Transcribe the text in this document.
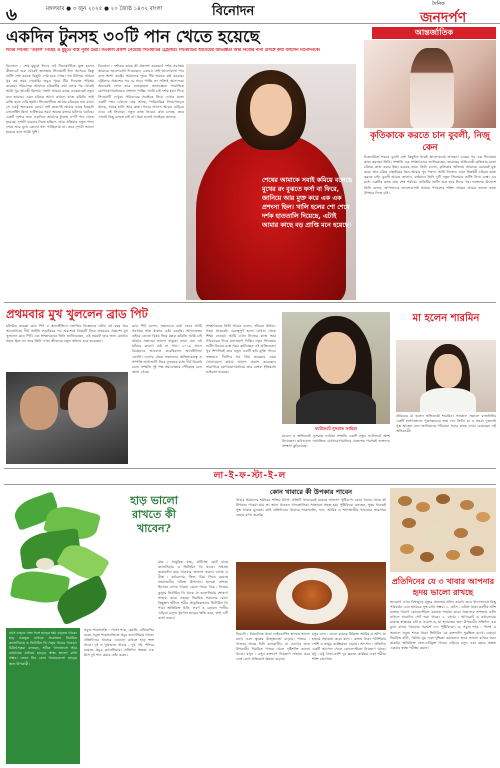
৬	মঙ্গলবার ● ৩ জুন ২০২৫ ● ২০ জ্যৈষ্ঠ ১৪৩২ বাংলা	বিনোদন	দৈনিক
জনদর্পণ
একদিন টুনসহ ৩০টি পান খেতে হয়েছে
ঈদের সিনেমা 'উড়াল' নিয়েই এ মুহূর্তে ব্যস্ত পূজা চেরী। গতকাল প্রকাশ পেয়েছে সিনেমাটির ট্রেইলার। সিনেমাটির শুটিংয়ের অভিজ্ঞতা আর নিজের নানা প্রসঙ্গে কথা বললেন বিনোদনকে।
বিনোদন : শেষ মুহূর্তে ঈদের এই সিনেমাটিতে যুক্ত হলেন কীভাবে? শুরু থেকেই জানতাম সিনেমাটি ঈদে আসবে। কিন্তু শুটিং শেষ করতে কিছুটা দেরি হয়ে গেছে। সব মিলিয়ে আমরা খুব কম সময় পেয়েছি। তবুও পুরো টিম দিনরাত পরিশ্রম করেছে। পরিচালক আমাকে চরিত্রটির কথা বলার পর থেকেই আমি খুব আগ্রহী ছিলাম। গল্পটা আমার কাছে একেবারেই নতুন মনে হয়েছে। এমন চরিত্রে আগে কখনো কাজ করিনি। তাই রাজি হতে দেরি হয়নি। সিনেমাটিতে আমার চরিত্রের নাম মায়া। সে একটু অন্যরকম মেয়ে। সেই কারণেই আমার কাছে বিষয়টা চ্যালেঞ্জিং ছিল। শুটিংয়ের সময় অনেক মজার ঘটনাও ঘটেছে। একটি দৃশ্যের জন্য একদিনে আমাকে টুনসহ ৩০টি পান খেতে হয়েছে। দৃশ্যটা বারবার নিতে হচ্ছিল, আর প্রতিবার নতুন পান। শেষে আর মুখে কোনো স্বাদ পাচ্ছিলাম না। তবে দৃশ্যটা ভালো হয়েছে বলে আমি খুশি।
বিনোদন : দর্শকের কাছে কী প্রত্যাশা করছেন? দর্শক সবসময় আমাকে ভালোবাসা দিয়েছেন। এবারও সেই ভালোবাসা পাব বলে আশা করছি। আমাদের পুরো টিম অনেক কষ্ট করেছে। ট্রেইলার প্রকাশের পর যে সাড়া পাচ্ছি তা সত্যিই আনন্দের। অনেকেই ফোন করে শুভকামনা জানাচ্ছেন। সামাজিক যোগাযোগমাধ্যমেও প্রশংসা পাচ্ছি। আমি চাই দর্শক হলে গিয়ে সিনেমাটি দেখুক। পরিবারের সবাইকে নিয়ে দেখার মতো একটি গল্প। এখানে প্রেম আছে, পারিবারিক টানাপোড়েন আছে, আছে হাসি আর কান্না। ঈদের আনন্দ আরও বাড়িয়ে দেবে এই সিনেমা। নতুন কাজ নিয়েও কথা চলছে, তবে এখনই কিছু বলতে চাই না। সময় হলেই সবাইকে জানাব।
শেষের আমাকে সবাই কমিয়ে বলেছে মুখের রং বুঝতে ফর্সা বা ফিরে, জানিয়ে আর মুক্ত করে এক এক প্রশংসা ছিল। খালি হলের শো শেষে দর্শক হাততালি দিয়েছে, এটাই আমার কাছে বড় প্রাপ্তি মনে হয়েছে।
আন্তর্জাতিক
কৃতিকাকে করতে চান বুবলী, নিজু কেন
চিত্রনায়িকা শবনম বুবলী বেশ কিছুদিন ধরেই আলোচনায় আছেন। একের পর এক সিনেমায় কাজ করছেন তিনি। সম্প্রতি এক সাক্ষাৎকারে জানিয়েছেন, ভারতের অভিনেত্রী কৃতিকার মতো চরিত্রে কাজ করার ইচ্ছা রয়েছে তার। তিনি বলেন, কৃতিকার অভিনয় আমাকে বরাবরই মুগ্ধ করে। তার চরিত্র বাছাইয়ের ধরন আমার খুব পছন্দ। আমি নিজেও এমন ভিন্নধর্মী চরিত্রে কাজ করতে চাই। বুবলী আরও জানান, বর্তমানে তিনি দুটি নতুন সিনেমার শুটিং নিয়ে ব্যস্ত। এর মধ্যে একটির কাজ প্রায় শেষ পর্যায়ে। বাকিটির শুটিং শুরু হবে ঈদের পর। ভক্তদের উদ্দেশে তিনি বলেন, আপনাদের ভালোবাসাই আমার পথচলার শক্তি। সামনে আরও ভালো কাজ উপহার দিতে চাই।
প্রথমবার মুখ খুললেন ব্রাড পিট
হলিউড তারকা ব্রাড পিট ও অ্যাঞ্জেলিনা জোলির বিচ্ছেদের ঘটনা বহু বছর ধরে আলোচিত। দীর্ঘ আইনি লড়াইয়ের পর অবশেষে বিষয়টি নিয়ে প্রথমবার প্রকাশ্যে মুখ খুললেন ব্রাড পিট। এক সাক্ষাৎকারে তিনি জানিয়েছেন, এই সময়টা তার জন্য মোটেও সহজ ছিল না। তবে তিনি এখন জীবনের নতুন অধ্যায় শুরু করেছেন।
ব্রাড পিট বলেন, সন্তানদের কথা ভেবে আমি সবসময় শান্ত থাকার চেষ্টা করেছি। আদালতের বাইরে কোনো বিষয় নিয়ে মন্তব্য করিনি। আমি চাই আমার সন্তানরা ভালো থাকুক। তারা যেন এই ঘটনার কারণে কষ্ট না পায়। ২০১৬ সালে বিচ্ছেদের আবেদন করেছিলেন অ্যাঞ্জেলিনা জোলি। এরপর থেকে সন্তানদের অভিভাবকত্ব ও সম্পত্তি ভাগাভাগি নিয়ে দুজনের মধ্যে দীর্ঘ বিরোধ চলে। সম্প্রতি দুই পক্ষ সমঝোতায় পৌঁছেছে বলে জানা গেছে।
সাক্ষাৎকারে তিনি আরও বলেন, জীবনে উত্থান-পতন থাকবেই। গুরুত্বপূর্ণ হলো সেখান থেকে শিক্ষা নেওয়া। আমি এখন নিজের কাজ আর পরিবারের দিকে মনোযোগ দিচ্ছি। নতুন সিনেমার শুটিং নিয়েও ব্যস্ত সময় কাটাচ্ছেন এই অভিনেতা। খুব শিগগিরই তার নতুন একটি ছবি মুক্তি পাবে। ভক্তরাও দীর্ঘদিন পর প্রিয় তারকার এমন খোলামেলা কথায় আনন্দ প্রকাশ করেছেন। সামাজিক যোগাযোগমাধ্যমে তার বক্তব্য ইতিমধ্যে ভাইরাল হয়েছে।
ফটোশুটে নুসরাত ফারিয়া
মডেল ও অভিনেত্রী নুসরাত ফারিয়া সম্প্রতি একটি নতুন ফটোশুটে অংশ নিয়েছেন। ছবিগুলো সামাজিক যোগাযোগমাধ্যমে প্রকাশের পরপরই ভক্তদের প্রশংসা কুড়িয়েছে।
মা হলেন শারমিন
প্রথমবার মা হলেন অভিনেত্রী শারমিন। গতকাল সকালে রাজধানীর একটি হাসপাতালে পুত্রসন্তানের জন্ম দেন তিনি। মা ও সন্তান দুজনেই সুস্থ আছেন বলে জানিয়েছে পরিবার। সবার কাছে দোয়া চেয়েছেন এই অভিনেত্রী।
লা-ই-ফ-স্টা-ই-ল
হাড় ভালো রাখতে কী খাবেন?
বয়স বাড়ার সঙ্গে সঙ্গে হাড়ের ক্ষয় বাড়তে থাকে। হাড় মজবুত রাখতে প্রয়োজন নিয়মিত ক্যালসিয়াম ও ভিটামিন ডি সমৃদ্ধ খাবার খাওয়া। চিকিৎসকরা বলছেন, সঠিক খাদ্যাভ্যাস আর ব্যায়ামের মাধ্যমে হাড়ের স্বাস্থ্য ভালো রাখা সম্ভব। জেনে নিন কোন খাবারগুলো হাড়ের জন্য উপকারী।
সবুজ শাকসবজি : পালং শাক, ব্রকলি, বাঁধাকপির মতো সবুজ শাকসবজিতে প্রচুর ক্যালসিয়াম থাকে। প্রতিদিনের খাবারে এগুলো রাখলে হাড় শক্ত থাকে। দুধ ও দুগ্ধজাত খাবার : দুধ, দই, পনিরে রয়েছে প্রচুর ক্যালসিয়াম। প্রতিদিন অন্তত এক গ্লাস দুধ পান করার চেষ্টা করুন।
মাছ : সামুদ্রিক মাছ, কাঁটাসহ ছোট মাছে ক্যালসিয়াম ও ভিটামিন ডি থাকে। সপ্তাহে কয়েকদিন মাছ খাওয়ার অভ্যাস করুন। বাদাম ও বীজ : কাঠবাদাম, তিল, চিয়া সিডে রয়েছে প্রয়োজনীয় খনিজ উপাদান। হালকা নাশতা হিসেবে বাদাম খাওয়া যেতে পারে। ডিম : ডিমের কুসুমে ভিটামিন ডি থাকে যা ক্যালসিয়াম শোষণে সাহায্য করে। এছাড়া নিয়মিত সকালের রোদে কিছুক্ষণ হাঁটলে শরীর প্রাকৃতিকভাবে ভিটামিন ডি পায়। অতিরিক্ত চিনি, লবণ ও কোমল পানীয় এড়িয়ে চলুন। ধূমপান হাড়ের ক্ষতি করে, তাই এটি ত্যাগ করুন।
কোন খাবারে কী উপকার পাবেন
খাবার আমাদের শরীরের শক্তির উৎস। প্রতিটি খাবারেরই রয়েছে আলাদা পুষ্টিগুণ। কোন খাবার থেকে কী উপকার পাওয়া যায় তা জানা থাকলে খাদ্যতালিকা সাজানো সহজ হয়। পুষ্টিবিদরা বলছেন, সুষম খাবারই সুস্থ থাকার মূলমন্ত্র। তাই প্রতিদিনের খাবারে শাকসবজি, ফল, আমিষ ও শস্যজাতীয় খাবারের ভারসাম্য বজায় রাখা জরুরি।
টমেটো : টমেটোতে থাকা লাইকোপিন হৃদযন্ত্র ভালো রাখে এবং ত্বকের উজ্জ্বলতা বাড়ায়। গাজর : গাজরে আছে বিটা ক্যারোটিন, যা চোখের জন্য উপকারী। নিয়মিত গাজর খেলে দৃষ্টিশক্তি ভালো থাকে। রসুন : রসুন রক্তচাপ নিয়ন্ত্রণে সাহায্য করে এবং রোগ প্রতিরোধ ক্ষমতা বাড়ায়।
মসুর ডাল : ডালে রয়েছে উদ্ভিজ্জ আমিষ ও আঁশ, যা হজমে সহায়তা করে। কলা : কলায় থাকা পটাশিয়াম পেশি ও স্নায়ুর কার্যক্ষমতা বাড়ায়। আপেল : প্রতিদিন একটি আপেল খেলে কোলেস্টেরল নিয়ন্ত্রণে থাকে। মধু : মধু ঠান্ডা-কাশি দূর করতে কার্যকর এবং শরীরে শক্তি জোগায়।
প্রতিদিনের যে ৩ খাবার আপনার হৃদয় ভালো রাখছে
হৃদরোগ এখন বিশ্বজুড়ে মৃত্যুর অন্যতম প্রধান কারণ। তবে খাদ্যাভ্যাসে কিছু পরিবর্তন এনে হৃদয়কে সুস্থ রাখা সম্ভব। ১. ওটস : ওটসে থাকা দ্রবণীয় আঁশ রক্তের খারাপ কোলেস্টেরল কমাতে সাহায্য করে। সকালের নাশতায় ওটস রাখলে সারাদিন পেট ভরা থাকে। ২. বাদাম : আখরোট ও কাঠবাদামে রয়েছে স্বাস্থ্যকর চর্বি ও ওমেগা-৩, যা হৃদযন্ত্রের জন্য উপকারী। প্রতিদিন এক মুঠো বাদাম খাওয়ার পরামর্শ দেন পুষ্টিবিদরা। ৩. সবুজ শাক : পালং ও অন্যান্য সবুজ শাকে থাকা ভিটামিন কে রক্তনালি সুরক্ষিত রাখে। এছাড়া নিয়মিত হাঁটা, পর্যাপ্ত ঘুম এবং দুশ্চিন্তা কমানোও হৃদয় ভালো রাখার জন্য জরুরি। অতিরিক্ত তেল-চর্বিযুক্ত খাবার এড়িয়ে চলুন এবং বছরে অন্তত একবার স্বাস্থ্য পরীক্ষা করান।
